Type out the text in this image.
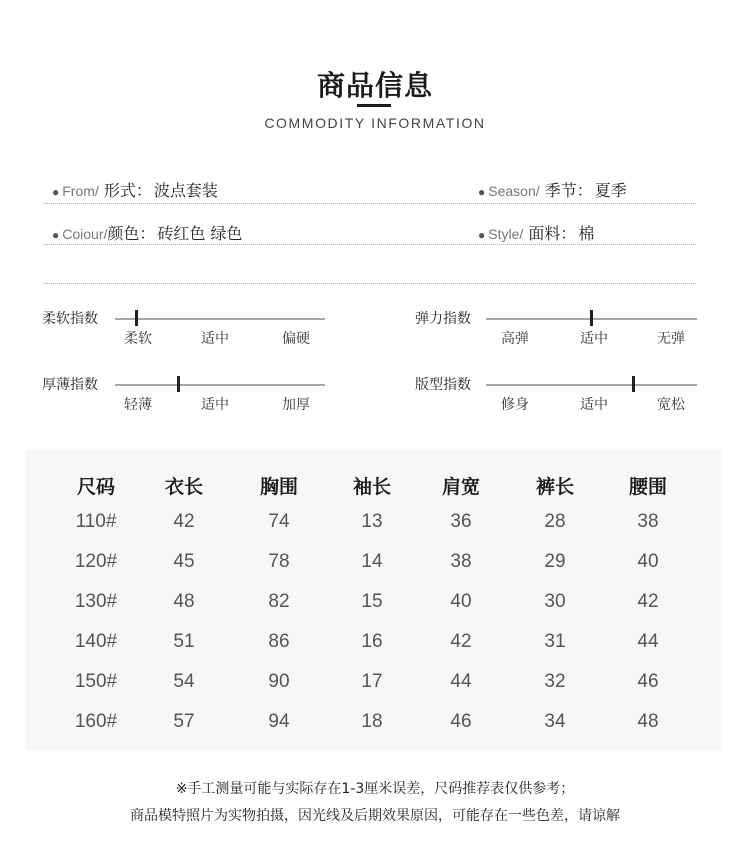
商品信息
COMMODITY INFORMATION
● From/ 形式： 波点套装	● Season/ 季节： 夏季
● Coiour/颜色： 砖红色 绿色	● Style/ 面料： 棉
柔软指数
柔软	适中	偏硬
弹力指数
高弹	适中	无弹
厚薄指数
轻薄	适中	加厚
版型指数
修身	适中	宽松
尺码	衣长	胸围	袖长	肩宽	裤长	腰围
110#	42	74	13	36	28	38
120#	45	78	14	38	29	40
130#	48	82	15	40	30	42
140#	51	86	16	42	31	44
150#	54	90	17	44	32	46
160#	57	94	18	46	34	48
※手工测量可能与实际存在1-3厘米误差，尺码推荐表仅供参考；
商品模特照片为实物拍摄，因光线及后期效果原因，可能存在一些色差，请谅解
